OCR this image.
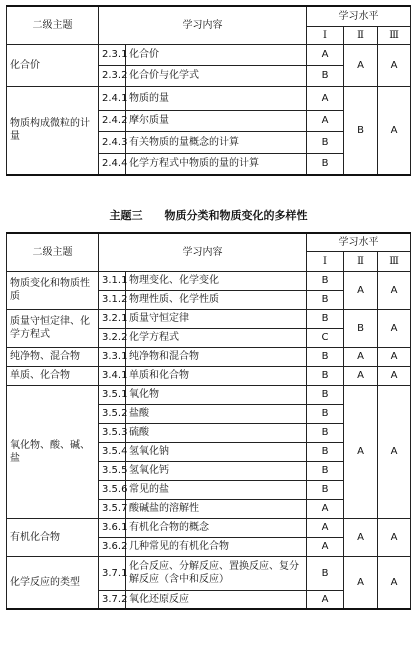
二级主题	学习内容		学习水平		
			Ⅰ	Ⅱ	Ⅲ
化合价	2.3.1	化合价	A	A	A
	2.3.2	化合价与化学式	B		
物质构成微粒的计量	2.4.1	物质的量	A	B	A
	2.4.2	摩尔质量	A		
	2.4.3	有关物质的量概念的计算	B		
	2.4.4	化学方程式中物质的量的计算	B		
主题三　　物质分类和物质变化的多样性
二级主题	学习内容		学习水平		
			Ⅰ	Ⅱ	Ⅲ
物质变化和物质性质	3.1.1	物理变化、化学变化	B	A	A
	3.1.2	物理性质、化学性质	B		
质量守恒定律、化学方程式	3.2.1	质量守恒定律	B	B	A
	3.2.2	化学方程式	C		
纯净物、混合物	3.3.1	纯净物和混合物	B	A	A
单质、化合物	3.4.1	单质和化合物	B	A	A
氧化物、酸、碱、盐	3.5.1	氧化物	B	A	A
	3.5.2	盐酸	B		
	3.5.3	硫酸	B		
	3.5.4	氢氧化钠	B		
	3.5.5	氢氧化钙	B		
	3.5.6	常见的盐	B		
	3.5.7	酸碱盐的溶解性	A		
有机化合物	3.6.1	有机化合物的概念	A	A	A
	3.6.2	几种常见的有机化合物	A		
化学反应的类型	3.7.1	化合反应、分解反应、置换反应、复分解反应（含中和反应）	B	A	A
	3.7.2	氧化还原反应	A		
